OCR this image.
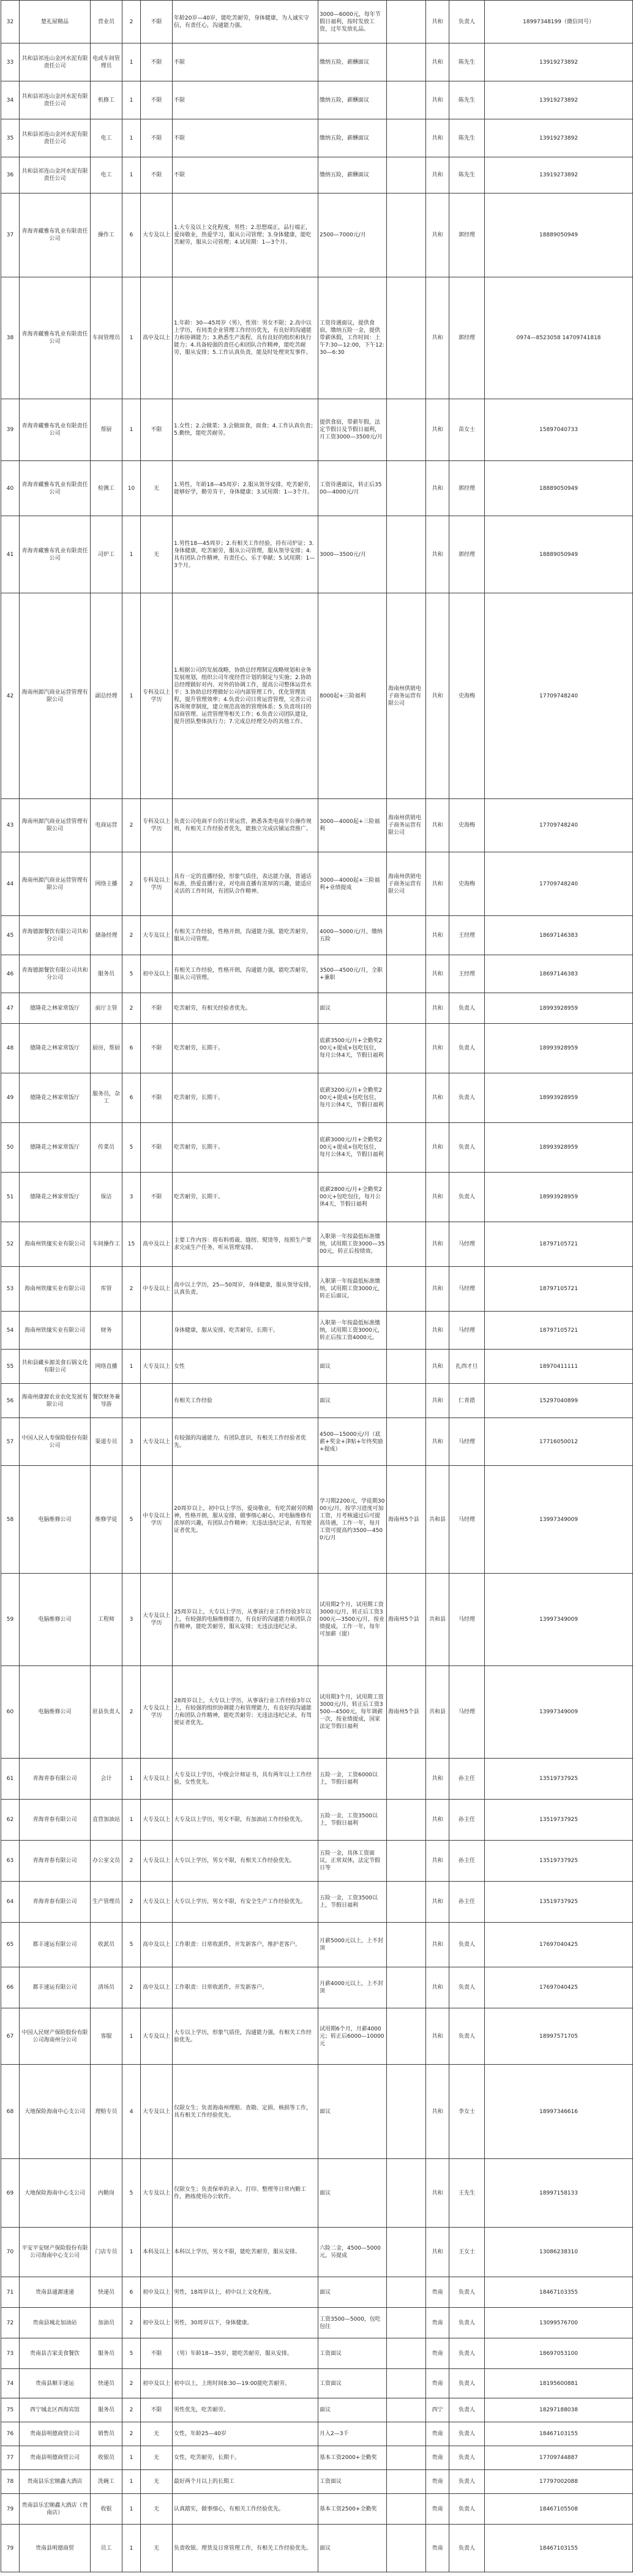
32	楚礼屋精品	营业员	2	不限	年龄20岁—40岁，能吃苦耐劳，身体健康，为人诚实守信，有责任心，沟通能力强。	3000—6000元，每年节假日福利，按时发放工资，过年发放礼品。		共和	负责人	18997348199（微信同号）
33	共和县祁连山金河水泥有限责任公司	电或车间管理员	1	不限	不限	缴纳五险，薪酬面议		共和	陈先生	13919273892
34	共和县祁连山金河水泥有限责任公司	机修工	1	不限	不限	缴纳五险，薪酬面议		共和	陈先生	13919273892
35	共和县祁连山金河水泥有限责任公司	电工	1	不限	不限	缴纳五险，薪酬面议		共和	陈先生	13919273892
36	共和县祁连山金河水泥有限责任公司	电工	1	不限	不限	缴纳五险，薪酬面议		共和	陈先生	13919273892
37	青海青藏雅布乳业有限责任公司	操作工	6	大专及以上	1.大专及以上文化程度，男性；2.思想端正，品行端正，爱岗敬业，热爱学习，服从公司管理；3.身体健康，能吃苦耐劳，服从公司管理；4.试用期：1—3个月。	2500—7000元/月		共和	郭经理	18889050949
38	青海青藏雅布乳业有限责任公司	车间管理员	1	高中及以上	1.年龄：30—45周岁（男），性别：男女不限；2.高中以上学历，有同类企业管理工作经历优先，有良好的沟通能力和协调能力；3.熟悉生产流程，具有良好的组织和执行能力；4.具备较强的责任心和团队合作精神，能吃苦耐劳，服从安排；5.工作认真负责，能及时处理突发事件。	工资待遇面议，提供食宿，缴纳五险一金，提供带薪休假，工作时间：上午7:30—12:00，下午12:30—6:30		共和	郭经理	0974—8523058 14709741818
39	青海青藏雅布乳业有限责任公司	帮厨	1	不限	1.女性；2.会做菜；3.会做面食，面食；4.工作认真负责；5.勤快，能吃苦耐劳。	提供食宿，带薪年假，法定节假日及节假日福利，月工资3000—3500元/月		共和	苗女士	15897040733
40	青海青藏雅布乳业有限责任公司	检测工	10	无	1.男性，年龄18—45周岁；2.服从领导安排，吃苦耐劳，能够好学，勤劳肯干，身体健康；3.试用期：1—3个月。	工资待遇面议，转正后3500—4000元/月		共和	郭经理	18889050949
41	青海青藏雅布乳业有限责任公司	司炉工	1	无	1.男性18—45周岁；2.有相关工作经验，持有司炉证；3.身体健康，吃苦耐劳，服从公司管理，服从领导安排；4.具有团队合作精神，有责任心，乐于奉献；5.试用期：1—3个月。	3000—3500元/月		共和	郭经理	18889050949
42	海南州源汽商业运营管理有限公司	副总经理	1	专科及以上学历	1.根据公司的发展战略，协助总经理制定战略规划和业务发展规划，组织公司年度经营计划的制定与实施；2.协助总经理做好对内、对外的协调工作，提高公司整体运营水平；3.协助总经理做好公司内部管理工作，优化管理流程，提升管理效率；4.负责公司日常运营管理，完善公司各项规章制度，建立规范高效的管理体系；5.负责项目的招商管理、运营管理等相关工作；6.负责公司团队建设，提升团队整体执行力；7.完成总经理交办的其他工作。	8000起+三险福利	海南州供销电子商务运营有限公司	共和	史海梅	17709748240
43	海南州源汽商业运营管理有限公司	电商运营	2	专科及以上学历	负责公司电商平台的日常运营，熟悉各类电商平台操作规则，有相关工作经验者优先，能独立完成店铺运营推广。	3000—4000起+三险福利	海南州供销电子商务运营有限公司	共和	史海梅	17709748240
44	海南州源汽商业运营管理有限公司	网络主播	2	专科及以上学历	具有一定的直播经验，形象气质佳，表达能力强，普通话标准，热爱直播行业，对电商直播有浓厚的兴趣，能适应灵活的工作时间，有团队合作精神。	3000—4000起+三险福利+业绩提成	海南州供销电子商务运营有限公司	共和	史海梅	17709748240
45	青海德源餐饮有限公司共和分公司	储备经理	2	大专及以上	有相关工作经验，性格开朗，沟通能力强，能吃苦耐劳，服从公司管理。	4000—5000元/月，缴纳五险		共和	王经理	18697146383
46	青海德源餐饮有限公司共和分公司	服务员	5	初中及以上	有相关工作经验，性格开朗，沟通能力强，能吃苦耐劳，服从公司管理。	3500—4500元/月，全职+兼职		共和	王经理	18697146383
47	德隆花之林家常饭厅	前厅主管	2	不限	吃苦耐劳，有相关经验者优先。	面议		共和	负责人	18993928959
48	德隆花之林家常饭厅	厨房，帮厨	6	不限	吃苦耐劳，长期干。	底薪3500元/月+全勤奖200元+提成+包吃包住，每月公休4天，节假日福利		共和	负责人	18993928959
49	德隆花之林家常饭厅	服务员，杂工	6	不限	吃苦耐劳，长期干。	底薪3200元/月+全勤奖200元+提成+包吃包住，每月公休4天，节假日福利		共和	负责人	18993928959
50	德隆花之林家常饭厅	传菜员	5	不限	吃苦耐劳，长期干。	底薪3000元/月+全勤奖200元+提成+包吃包住，每月公休4天，节假日福利		共和	负责人	18993928959
51	德隆花之林家常饭厅	保洁	3	不限	吃苦耐劳，长期干。	底薪2800元/月+全勤奖200元+包吃包住，每月公休4天，节假日福利		共和	负责人	18993928959
52	海南州铁缘实业有限公司	车间操作工	15	高中及以上	主要工作内容：将布料剪裁、缝纫、熨烫等，按照生产要求完成生产任务，听从管理安排。	入职第一年按最低标准缴纳，试用期工资3000—3500元，转正后按绩效。		共和	马经理	18797105721
53	海南州铁缘实业有限公司	库管	2	中专及以上	高中以上学历，25—50周岁，身体健康，服从领导安排，认真负责。	入职第一年按最低标准缴纳，试用期工资3000元，转正后面议。		共和	马经理	18797105721
54	海南州铁缘实业有限公司	财务			身体健康，服从安排，吃苦耐劳，长期干。	入职第一年按最低标准缴纳，试用期工资3000元，转正后按工资4000元。		共和	马经理	18797105721
55	共和县藏乡源美食石锅文化有限公司	网络直播	1	大专及以上	女性	面议		共和	扎西才旦	18970411111
56	海南州康源农业农化发展有限公司	餐饮财务兼导游			有相关工作经验	面议		共和	仁青措	15297040899
57	中国人民人寿保险股份有限公司	渠道专员	3	大专及以上	有较强的沟通能力，有团队意识，有相关工作经验者优先。	4500—15000元/月（底薪+奖金+津贴+年终奖励+提成）		共和	马经理	17716050012
58	电脑维修公司	维修学徒	5	中专及以上学历	20周岁以上，初中以上学历，爱岗敬业，有吃苦耐劳的精神，性格开朗，服从安排，做事细心耐心，对电脑维修有浓厚的兴趣，有团队合作精神；无违法违纪记录，有驾驶证者优先。	学习期2200元，学徒期3000元/月，按学习进度可加工资，月考核通过后可提高待遇，工作一年，每月工资可提高约3500—4500元/月	海南州5个县	共和县	马经理	13997349009
59	电脑维修公司	工程师	3	大专及以上学历	25周岁以上，大专以上学历，从事该行业工作经验3年以上，有较强的电脑维修能力，有良好的沟通能力和团队合作精神，能吃苦耐劳，服从安排；无违法违纪记录。	试用期2个月，试用期工资3000元/月，转正后工资3000元—3500元/月，按业绩提成，工作一年，每年可加薪（提）	海南州5个县	共和县	马经理	13997349009
60	电脑维修公司	驻县负责人	2	大专及以上学历	28周岁以上，大专以上学历，从事该行业工作经验3年以上，有较强的组织协调能力和管理能力，有良好的沟通能力和团队合作精神，能吃苦耐劳；无违法违纪记录，有驾驶证者优先。	试用期3个月，试用期工资3000元/月，转正后工资3500—4500元，每年调薪一次，按业绩提成，国家法定节假日福利	海南州5个县	共和县	马经理	13997349009
61	青海青春有限公司	会计	1	大专及以上	大专及以上学历，中级会计师证书，具有两年以上工作经验，女性优先。	五险一金，工资6000以上，节假日福利		共和	孙主任	13519737925
62	青海青春有限公司	直营加油站	1	大专及以上	大专及以上学历，男女不限，有加油站工作经验优先。	五险一金，工资3500以上，节假日福利		共和	孙主任	13519737925
63	青海青春有限公司	办公室文员	2	大专及以上	大专以上学历，男女不限，有相关工作经验优先。	五险一金，具体工资面议，正常双休，法定节假日等		共和	孙主任	13519737925
64	青海青春有限公司	生产管理员	2	大专及以上	大专以上学历，男女不限，有安全生产工作经验优先。	五险一金，工资3500以上，节假日福利		共和	孙主任	13519737925
65	都丰速运有限公司	收派员	5	高中及以上	工作职责：日常收派件，开发新客户，维护老客户。	月薪5000元以上，上不封顶		共和	负责人	17697040425
66	都丰速运有限公司	清场员	2	高中及以上	工作职责：日常收派件，开发新客户。	月薪4000元以上，上不封顶		共和	负责人	17697040425
67	中国人民财产保险股份有限公司海南州分公司	客服	1	大专及以上	大专以上学历，形象气质佳，沟通能力强，有相关工作经验优先。	试用期6个月，月薪4000元；转正后6000—10000元		共和	负责人	18997571705
68	大地保险海南中心支公司	理赔专员	4	大专及以上	仅限女生；负责海南州理赔、查勘、定损、核损等工作，具有相关工作经验优先。	面议		共和	李女士	18997346616
69	大地保险海南中心支公司	内勤岗	5	大专及以上	仅限女生；负责保单的录入、打印、整理等日常内勤工作，熟练使用办公软件。	面议		共和	王先生	18997158133
70	平安平安财产保险股份有限公司海南中心支公司	门店专员	1	本科及以上	本科以上学历，男女不限，能吃苦耐劳，服从安排。	六险二金，4500—5000元，另提成		共和	王女士	13086238310
71	贵南县通源速递	快递员	6	初中及以上	男性，18周岁以上，初中以上文化程度。	面议		贵南	负责人	18467103355
72	贵南县城北加油站	加油员	2	初中及以上	男性，30周岁以下，身体健康。	工资3500—5000，包吃包住		贵南	负责人	13099576700
73	贵南县吉家美食餐饮	服务员	5	不限	（男）年龄18—35岁，能吃苦耐劳，服从安排。	工资面议		贵南	负责人	18697053100
74	贵南县顺丰速运	快递员	2	初中及以上	初中以上，上班时间8:30—19:00能吃苦耐劳。	工资面议		贵南	负责人	18195600881
75	西宁城北区西海宾馆	服务员	2	不限	男性优先，吃苦耐劳。	面议		西宁	负责人	18297188038
76	贵南县明德商贸公司	销售员	2	无	女性，年龄25—40岁	月入2—3千		贵南	负责人	18467103155
77	贵南县明德商贸公司	收银员	1	无	女性，吃苦耐劳，长期干。	基本工资2000+全勤奖		贵南	负责人	17709744887
78	贵南县乐宏顺鑫大酒店	洗碗工	1	无	最好两个月以上的长期工	工资面议		贵南	负责人	17797002088
79	贵南县乐宏顺鑫大酒店（贵南店）	收银	1	无	认真踏实，做事细心，有相关工作经验优先。	基本工资2500+全勤奖		贵南	负责人	18467105508
79	贵南县明德商贸	员工	1	无	负责收银、理货及日常管理工作，有相关工作经验优先。	面议		贵南	负责人	18467103155
